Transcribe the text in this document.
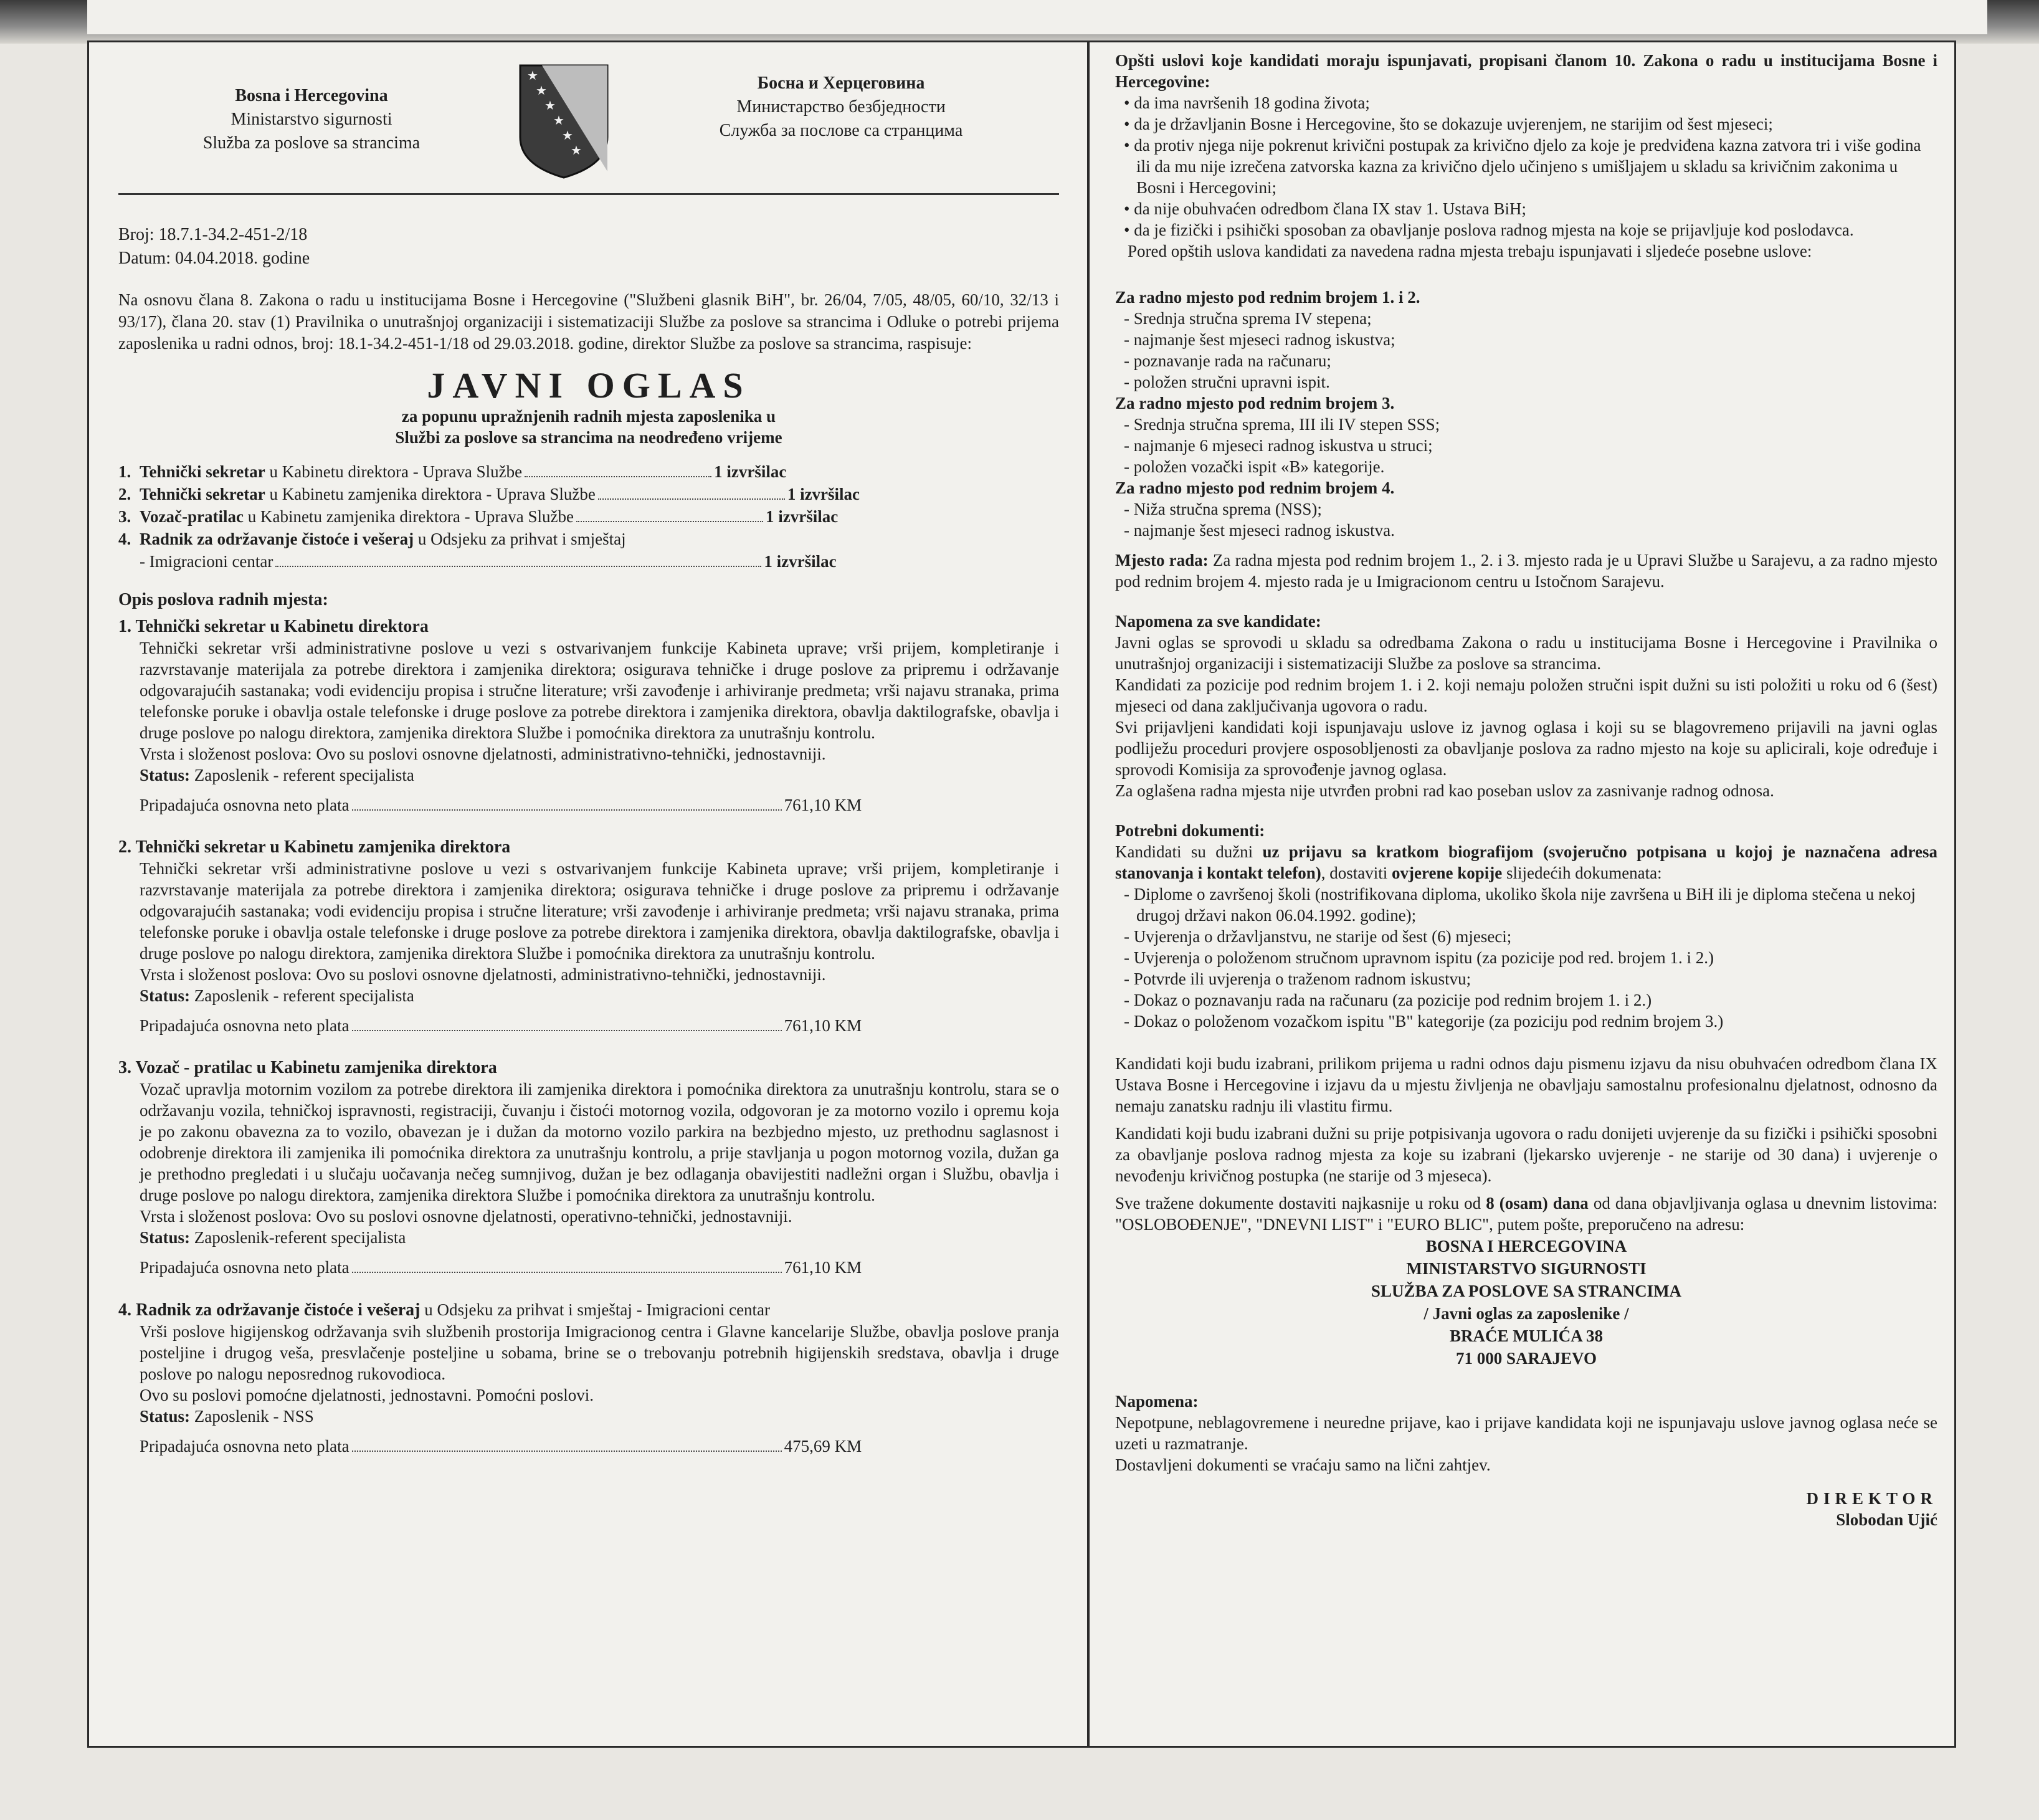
Bosna i Hercegovina
Ministarstvo sigurnosti
Služba za poslove sa strancima
★
★
★
★
★
★
Босна и Херцеговина
Министарство безбједности
Служба за послове са странцима
Broj: 18.7.1-34.2-451-2/18
Datum: 04.04.2018. godine
Na osnovu člana 8. Zakona o radu u institucijama Bosne i Hercegovine ("Službeni glasnik BiH", br. 26/04, 7/05, 48/05, 60/10, 32/13 i 93/17), člana 20. stav (1) Pravilnika o unutrašnjoj organizaciji i sistematizaciji Službe za poslove sa strancima i Odluke o potrebi prijema zaposlenika u radni odnos, broj: 18.1-34.2-451-1/18 od 29.03.2018. godine, direktor Službe za poslove sa strancima, raspisuje:
JAVNI OGLAS
za popunu upražnjenih radnih mjesta zaposlenika u
Službi za poslove sa strancima na neodređeno vrijeme
1. Tehnički sekretar u Kabinetu direktora - Uprava Službe	1 izvršilac
2. Tehnički sekretar u Kabinetu zamjenika direktora - Uprava Službe	1 izvršilac
3. Vozač-pratilac u Kabinetu zamjenika direktora - Uprava Službe	1 izvršilac
4. Radnik za održavanje čistoće i vešeraj u Odsjeku za prihvat i smještaj
- Imigracioni centar	1 izvršilac
Opis poslova radnih mjesta:
1. Tehnički sekretar u Kabinetu direktora
Tehnički sekretar vrši administrativne poslove u vezi s ostvarivanjem funkcije Kabineta uprave; vrši prijem, kompletiranje i razvrstavanje materijala za potrebe direktora i zamjenika direktora; osigurava tehničke i druge poslove za pripremu i održavanje odgovarajućih sastanaka; vodi evidenciju propisa i stručne literature; vrši zavođenje i arhiviranje predmeta; vrši najavu stranaka, prima telefonske poruke i obavlja ostale telefonske i druge poslove za potrebe direktora i zamjenika direktora, obavlja daktilografske, obavlja i druge poslove po nalogu direktora, zamjenika direktora Službe i pomoćnika direktora za unutrašnju kontrolu.
Vrsta i složenost poslova: Ovo su poslovi osnovne djelatnosti, administrativno-tehnički, jednostavniji.
Status: Zaposlenik - referent specijalista
Pripadajuća osnovna neto plata	761,10 KM
2. Tehnički sekretar u Kabinetu zamjenika direktora
Tehnički sekretar vrši administrativne poslove u vezi s ostvarivanjem funkcije Kabineta uprave; vrši prijem, kompletiranje i razvrstavanje materijala za potrebe direktora i zamjenika direktora; osigurava tehničke i druge poslove za pripremu i održavanje odgovarajućih sastanaka; vodi evidenciju propisa i stručne literature; vrši zavođenje i arhiviranje predmeta; vrši najavu stranaka, prima telefonske poruke i obavlja ostale telefonske i druge poslove za potrebe direktora i zamjenika direktora, obavlja daktilografske, obavlja i druge poslove po nalogu direktora, zamjenika direktora Službe i pomoćnika direktora za unutrašnju kontrolu.
Vrsta i složenost poslova: Ovo su poslovi osnovne djelatnosti, administrativno-tehnički, jednostavniji.
Status: Zaposlenik - referent specijalista
Pripadajuća osnovna neto plata	761,10 KM
3. Vozač - pratilac u Kabinetu zamjenika direktora
Vozač upravlja motornim vozilom za potrebe direktora ili zamjenika direktora i pomoćnika direktora za unutrašnju kontrolu, stara se o održavanju vozila, tehničkoj ispravnosti, registraciji, čuvanju i čistoći motornog vozila, odgovoran je za motorno vozilo i opremu koja je po zakonu obavezna za to vozilo, obavezan je i dužan da motorno vozilo parkira na bezbjedno mjesto, uz prethodnu saglasnost i odobrenje direktora ili zamjenika ili pomoćnika direktora za unutrašnju kontrolu, a prije stavljanja u pogon motornog vozila, dužan ga je prethodno pregledati i u slučaju uočavanja nečeg sumnjivog, dužan je bez odlaganja obavijestiti nadležni organ i Službu, obavlja i druge poslove po nalogu direktora, zamjenika direktora Službe i pomoćnika direktora za unutrašnju kontrolu.
Vrsta i složenost poslova: Ovo su poslovi osnovne djelatnosti, operativno-tehnički, jednostavniji.
Status: Zaposlenik-referent specijalista
Pripadajuća osnovna neto plata	761,10 KM
4. Radnik za održavanje čistoće i vešeraj u Odsjeku za prihvat i smještaj - Imigracioni centar
Vrši poslove higijenskog održavanja svih službenih prostorija Imigracionog centra i Glavne kancelarije Službe, obavlja poslove pranja posteljine i drugog veša, presvlačenje posteljine u sobama, brine se o trebovanju potrebnih higijenskih sredstava, obavlja i druge poslove po nalogu neposrednog rukovodioca.
Ovo su poslovi pomoćne djelatnosti, jednostavni. Pomoćni poslovi.
Status: Zaposlenik - NSS
Pripadajuća osnovna neto plata	475,69 KM
Opšti uslovi koje kandidati moraju ispunjavati, propisani članom 10. Zakona o radu u institucijama Bosne i Hercegovine:
• da ima navršenih 18 godina života;
• da je državljanin Bosne i Hercegovine, što se dokazuje uvjerenjem, ne starijim od šest mjeseci;
• da protiv njega nije pokrenut krivični postupak za krivično djelo za koje je predviđena kazna zatvora tri i više godina ili da mu nije izrečena zatvorska kazna za krivično djelo učinjeno s umišljajem u skladu sa krivičnim zakonima u Bosni i Hercegovini;
• da nije obuhvaćen odredbom člana IX stav 1. Ustava BiH;
• da je fizički i psihički sposoban za obavljanje poslova radnog mjesta na koje se prijavljuje kod poslodavca.
Pored opštih uslova kandidati za navedena radna mjesta trebaju ispunjavati i sljedeće posebne uslove:
Za radno mjesto pod rednim brojem 1. i 2.
- Srednja stručna sprema IV stepena;
- najmanje šest mjeseci radnog iskustva;
- poznavanje rada na računaru;
- položen stručni upravni ispit.
Za radno mjesto pod rednim brojem 3.
- Srednja stručna sprema, III ili IV stepen SSS;
- najmanje 6 mjeseci radnog iskustva u struci;
- položen vozački ispit «B» kategorije.
Za radno mjesto pod rednim brojem 4.
- Niža stručna sprema (NSS);
- najmanje šest mjeseci radnog iskustva.
Mjesto rada: Za radna mjesta pod rednim brojem 1., 2. i 3. mjesto rada je u Upravi Službe u Sarajevu, a za radno mjesto pod rednim brojem 4. mjesto rada je u Imigracionom centru u Istočnom Sarajevu.
Napomena za sve kandidate:
Javni oglas se sprovodi u skladu sa odredbama Zakona o radu u institucijama Bosne i Hercegovine i Pravilnika o unutrašnjoj organizaciji i sistematizaciji Službe za poslove sa strancima.
Kandidati za pozicije pod rednim brojem 1. i 2. koji nemaju položen stručni ispit dužni su isti položiti u roku od 6 (šest) mjeseci od dana zaključivanja ugovora o radu.
Svi prijavljeni kandidati koji ispunjavaju uslove iz javnog oglasa i koji su se blagovremeno prijavili na javni oglas podliježu proceduri provjere osposobljenosti za obavljanje poslova za radno mjesto na koje su aplicirali, koje određuje i sprovodi Komisija za sprovođenje javnog oglasa.
Za oglašena radna mjesta nije utvrđen probni rad kao poseban uslov za zasnivanje radnog odnosa.
Potrebni dokumenti:
Kandidati su dužni uz prijavu sa kratkom biografijom (svojeručno potpisana u kojoj je naznačena adresa stanovanja i kontakt telefon), dostaviti ovjerene kopije slijedećih dokumenata:
- Diplome o završenoj školi (nostrifikovana diploma, ukoliko škola nije završena u BiH ili je diploma stečena u nekoj drugoj državi nakon 06.04.1992. godine);
- Uvjerenja o državljanstvu, ne starije od šest (6) mjeseci;
- Uvjerenja o položenom stručnom upravnom ispitu (za pozicije pod red. brojem 1. i 2.)
- Potvrde ili uvjerenja o traženom radnom iskustvu;
- Dokaz o poznavanju rada na računaru (za pozicije pod rednim brojem 1. i 2.)
- Dokaz o položenom vozačkom ispitu "B" kategorije (za poziciju pod rednim brojem 3.)
Kandidati koji budu izabrani, prilikom prijema u radni odnos daju pismenu izjavu da nisu obuhvaćen odredbom člana IX Ustava Bosne i Hercegovine i izjavu da u mjestu življenja ne obavljaju samostalnu profesionalnu djelatnost, odnosno da nemaju zanatsku radnju ili vlastitu firmu.
Kandidati koji budu izabrani dužni su prije potpisivanja ugovora o radu donijeti uvjerenje da su fizički i psihički sposobni za obavljanje poslova radnog mjesta za koje su izabrani (ljekarsko uvjerenje - ne starije od 30 dana) i uvjerenje o nevođenju krivičnog postupka (ne starije od 3 mjeseca).
Sve tražene dokumente dostaviti najkasnije u roku od 8 (osam) dana od dana objavljivanja oglasa u dnevnim listovima: "OSLOBOĐENJE", "DNEVNI LIST" i "EURO BLIC", putem pošte, preporučeno na adresu:
BOSNA I HERCEGOVINA
MINISTARSTVO SIGURNOSTI
SLUŽBA ZA POSLOVE SA STRANCIMA
/ Javni oglas za zaposlenike /
BRAĆE MULIĆA 38
71 000 SARAJEVO
Napomena:
Nepotpune, neblagovremene i neuredne prijave, kao i prijave kandidata koji ne ispunjavaju uslove javnog oglasa neće se uzeti u razmatranje.
Dostavljeni dokumenti se vraćaju samo na lični zahtjev.
DIREKTOR
Slobodan Ujić
